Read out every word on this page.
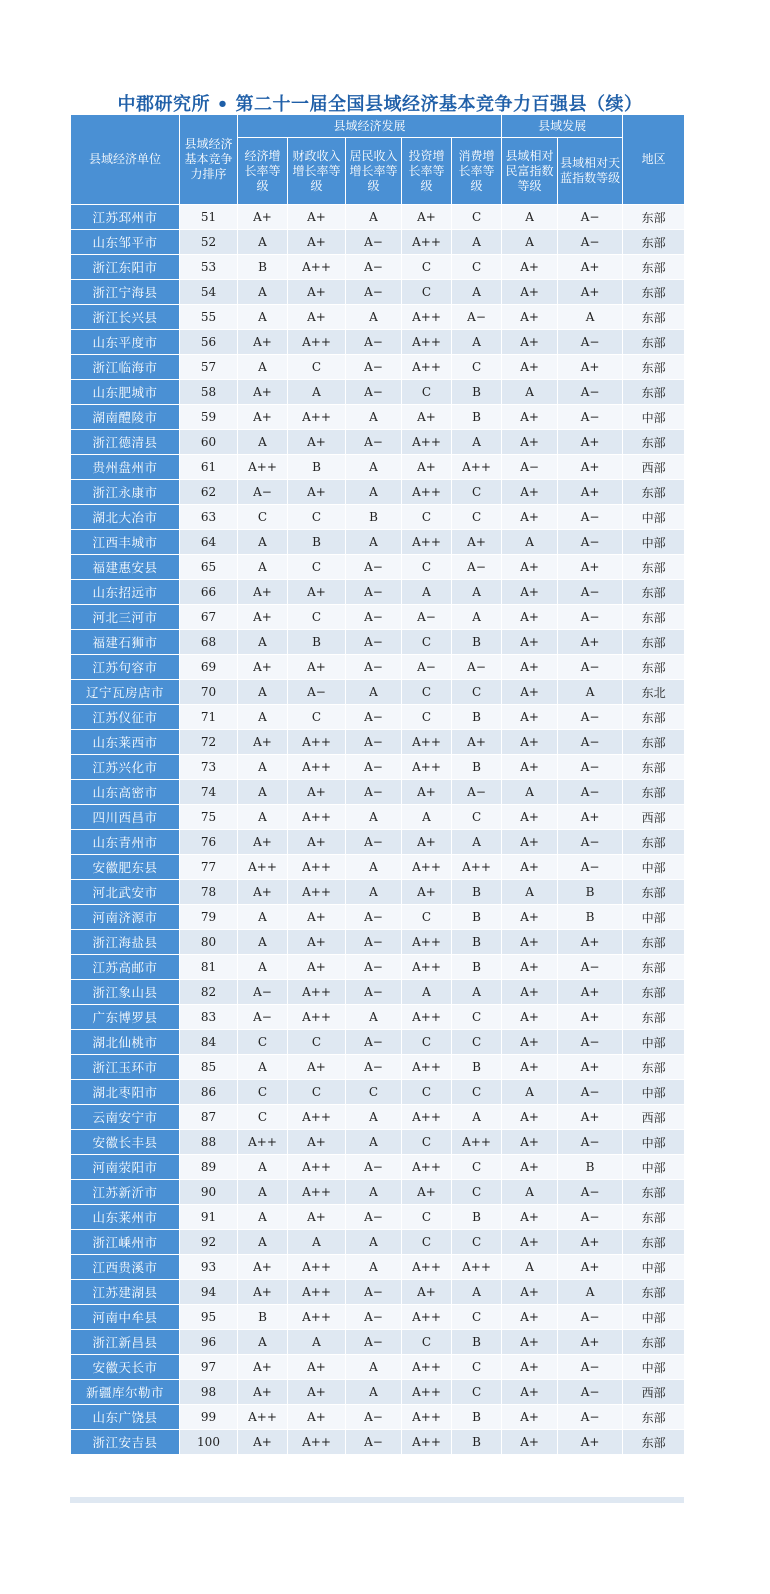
中郡研究所 • 第二十一届全国县域经济基本竞争力百强县（续）
县域经济单位	县域经济基本竞争力排序	县域经济发展					县域发展		地区
		经济增长率等级	财政收入增长率等级	居民收入增长率等级	投资增长率等级	消费增长率等级	县域相对民富指数等级	县域相对天蓝指数等级	
江苏邳州市	51	A+	A+	A	A+	C	A	A−	东部
山东邹平市	52	A	A+	A−	A++	A	A	A−	东部
浙江东阳市	53	B	A++	A−	C	C	A+	A+	东部
浙江宁海县	54	A	A+	A−	C	A	A+	A+	东部
浙江长兴县	55	A	A+	A	A++	A−	A+	A	东部
山东平度市	56	A+	A++	A−	A++	A	A+	A−	东部
浙江临海市	57	A	C	A−	A++	C	A+	A+	东部
山东肥城市	58	A+	A	A−	C	B	A	A−	东部
湖南醴陵市	59	A+	A++	A	A+	B	A+	A−	中部
浙江德清县	60	A	A+	A−	A++	A	A+	A+	东部
贵州盘州市	61	A++	B	A	A+	A++	A−	A+	西部
浙江永康市	62	A−	A+	A	A++	C	A+	A+	东部
湖北大冶市	63	C	C	B	C	C	A+	A−	中部
江西丰城市	64	A	B	A	A++	A+	A	A−	中部
福建惠安县	65	A	C	A−	C	A−	A+	A+	东部
山东招远市	66	A+	A+	A−	A	A	A+	A−	东部
河北三河市	67	A+	C	A−	A−	A	A+	A−	东部
福建石狮市	68	A	B	A−	C	B	A+	A+	东部
江苏句容市	69	A+	A+	A−	A−	A−	A+	A−	东部
辽宁瓦房店市	70	A	A−	A	C	C	A+	A	东北
江苏仪征市	71	A	C	A−	C	B	A+	A−	东部
山东莱西市	72	A+	A++	A−	A++	A+	A+	A−	东部
江苏兴化市	73	A	A++	A−	A++	B	A+	A−	东部
山东高密市	74	A	A+	A−	A+	A−	A	A−	东部
四川西昌市	75	A	A++	A	A	C	A+	A+	西部
山东青州市	76	A+	A+	A−	A+	A	A+	A−	东部
安徽肥东县	77	A++	A++	A	A++	A++	A+	A−	中部
河北武安市	78	A+	A++	A	A+	B	A	B	东部
河南济源市	79	A	A+	A−	C	B	A+	B	中部
浙江海盐县	80	A	A+	A−	A++	B	A+	A+	东部
江苏高邮市	81	A	A+	A−	A++	B	A+	A−	东部
浙江象山县	82	A−	A++	A−	A	A	A+	A+	东部
广东博罗县	83	A−	A++	A	A++	C	A+	A+	东部
湖北仙桃市	84	C	C	A−	C	C	A+	A−	中部
浙江玉环市	85	A	A+	A−	A++	B	A+	A+	东部
湖北枣阳市	86	C	C	C	C	C	A	A−	中部
云南安宁市	87	C	A++	A	A++	A	A+	A+	西部
安徽长丰县	88	A++	A+	A	C	A++	A+	A−	中部
河南荥阳市	89	A	A++	A−	A++	C	A+	B	中部
江苏新沂市	90	A	A++	A	A+	C	A	A−	东部
山东莱州市	91	A	A+	A−	C	B	A+	A−	东部
浙江嵊州市	92	A	A	A	C	C	A+	A+	东部
江西贵溪市	93	A+	A++	A	A++	A++	A	A+	中部
江苏建湖县	94	A+	A++	A−	A+	A	A+	A	东部
河南中牟县	95	B	A++	A−	A++	C	A+	A−	中部
浙江新昌县	96	A	A	A−	C	B	A+	A+	东部
安徽天长市	97	A+	A+	A	A++	C	A+	A−	中部
新疆库尔勒市	98	A+	A+	A	A++	C	A+	A−	西部
山东广饶县	99	A++	A+	A−	A++	B	A+	A−	东部
浙江安吉县	100	A+	A++	A−	A++	B	A+	A+	东部
